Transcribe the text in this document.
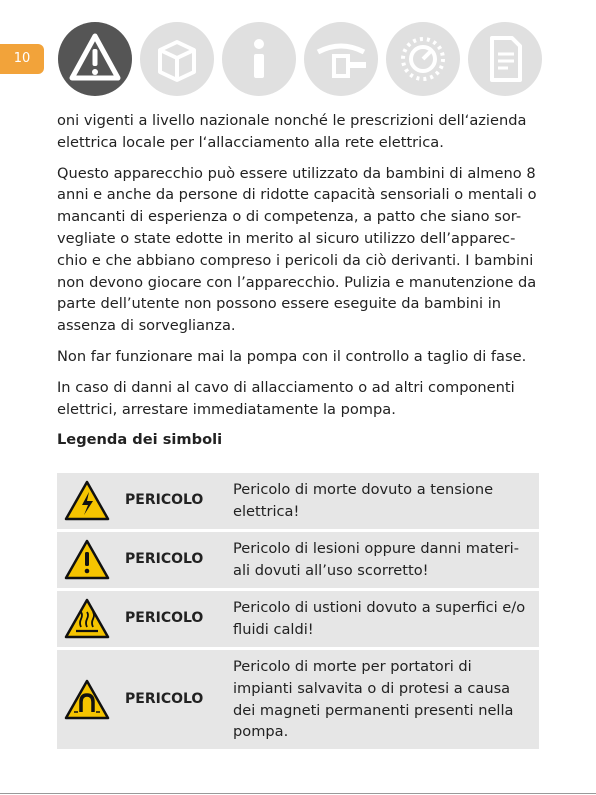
10

oni vigenti a livello nazionale nonché le prescrizioni dell‘azienda elettrica locale per l‘allacciamento alla rete elettrica.

Questo apparecchio può essere utilizzato da bambini di almeno 8 anni e anche da persone di ridotte capacità sensoriali o mentali o mancanti di esperienza o di competenza, a patto che siano sor-vegliate o state edotte in merito al sicuro utilizzo dell’apparec-chio e che abbiano compreso i pericoli da ciò derivanti. I bambini non devono giocare con l’apparecchio. Pulizia e manutenzione da parte dell’utente non possono essere eseguite da bambini in assenza di sorveglianza.

Non far funzionare mai la pompa con il controllo a taglio di fase.

In caso di danni al cavo di allacciamento o ad altri componenti elettrici, arrestare immediatamente la pompa.

Legenda dei simboli

	PERICOLO	Pericolo di morte dovuto a tensione elettrica!

	PERICOLO	Pericolo di lesioni oppure danni materi-ali dovuti all’uso scorretto!

	PERICOLO	Pericolo di ustioni dovuto a superfici e/o fluidi caldi!

	PERICOLO	Pericolo di morte per portatori di impianti salvavita o di protesi a causa dei magneti permanenti presenti nella pompa.
